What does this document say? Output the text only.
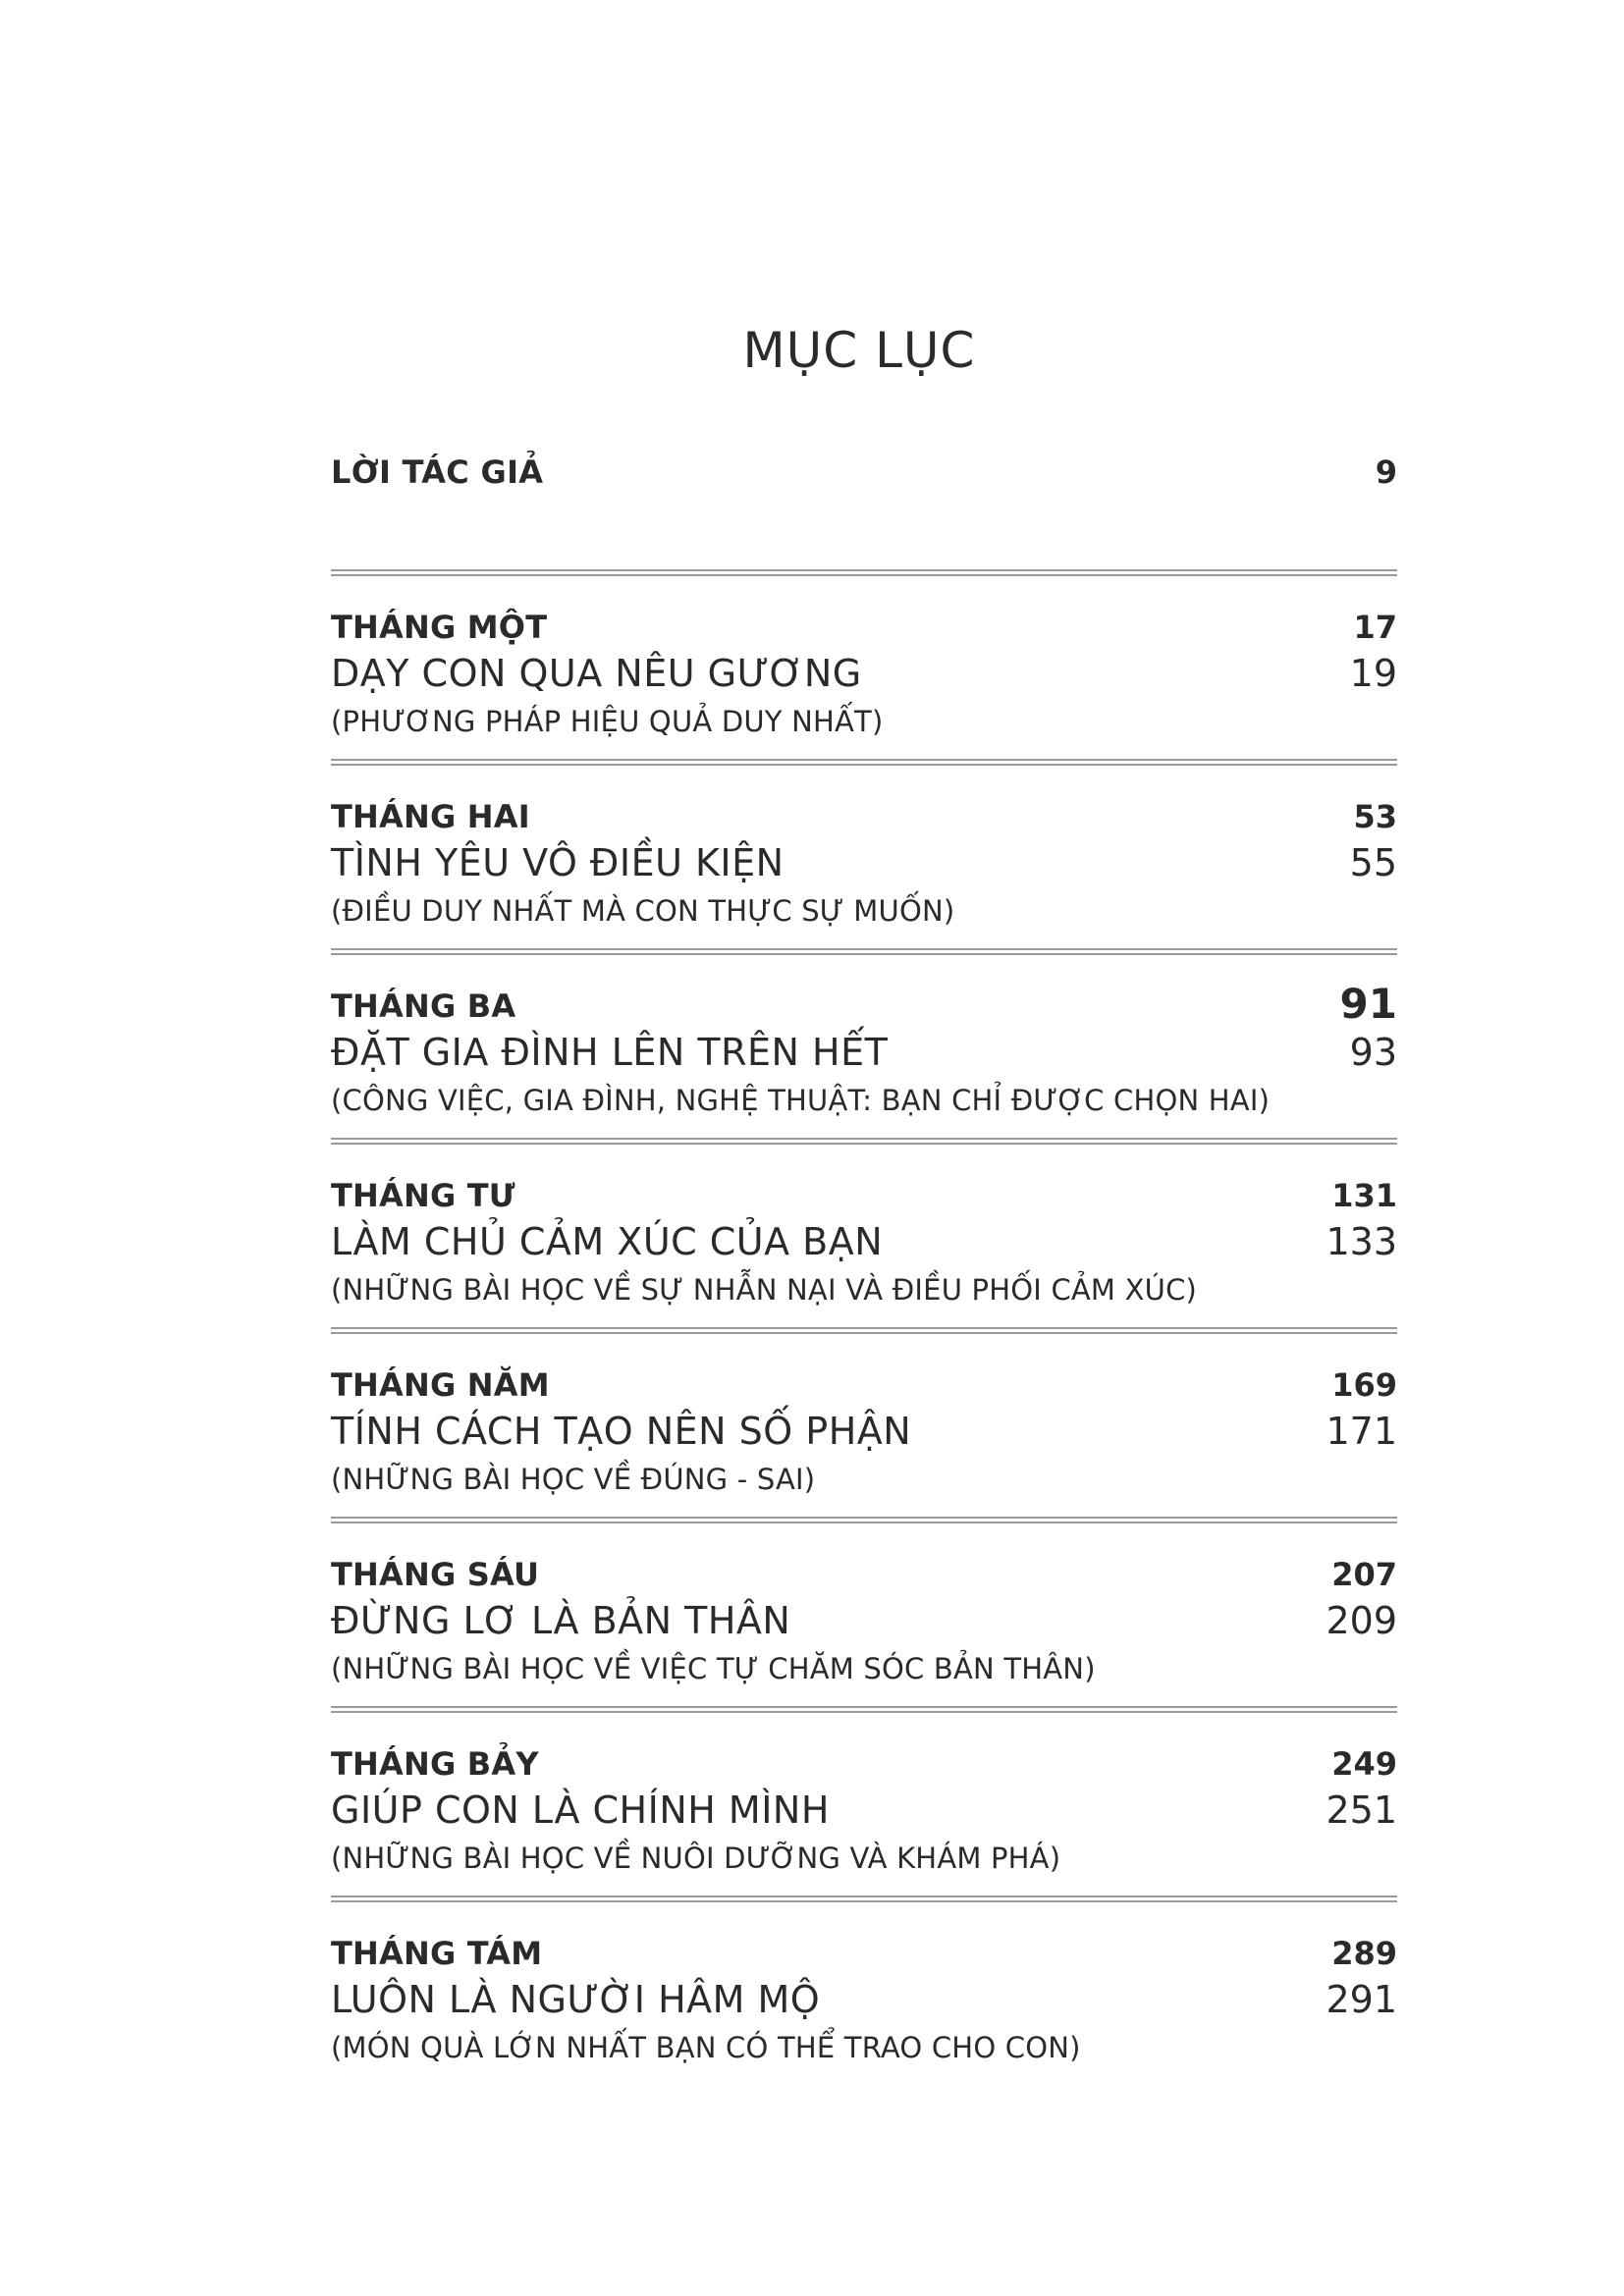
MỤC LỤC
LỜI TÁC GIẢ	9
THÁNG MỘT	17
DẠY CON QUA NÊU GƯƠNG	19
(PHƯƠNG PHÁP HIỆU QUẢ DUY NHẤT)
THÁNG HAI	53
TÌNH YÊU VÔ ĐIỀU KIỆN	55
(ĐIỀU DUY NHẤT MÀ CON THỰC SỰ MUỐN)
THÁNG BA	91
ĐẶT GIA ĐÌNH LÊN TRÊN HẾT	93
(CÔNG VIỆC, GIA ĐÌNH, NGHỆ THUẬT: BẠN CHỈ ĐƯỢC CHỌN HAI)
THÁNG TƯ	131
LÀM CHỦ CẢM XÚC CỦA BẠN	133
(NHỮNG BÀI HỌC VỀ SỰ NHẪN NẠI VÀ ĐIỀU PHỐI CẢM XÚC)
THÁNG NĂM	169
TÍNH CÁCH TẠO NÊN SỐ PHẬN	171
(NHỮNG BÀI HỌC VỀ ĐÚNG - SAI)
THÁNG SÁU	207
ĐỪNG LƠ LÀ BẢN THÂN	209
(NHỮNG BÀI HỌC VỀ VIỆC TỰ CHĂM SÓC BẢN THÂN)
THÁNG BẢY	249
GIÚP CON LÀ CHÍNH MÌNH	251
(NHỮNG BÀI HỌC VỀ NUÔI DƯỠNG VÀ KHÁM PHÁ)
THÁNG TÁM	289
LUÔN LÀ NGƯỜI HÂM MỘ	291
(MÓN QUÀ LỚN NHẤT BẠN CÓ THỂ TRAO CHO CON)
